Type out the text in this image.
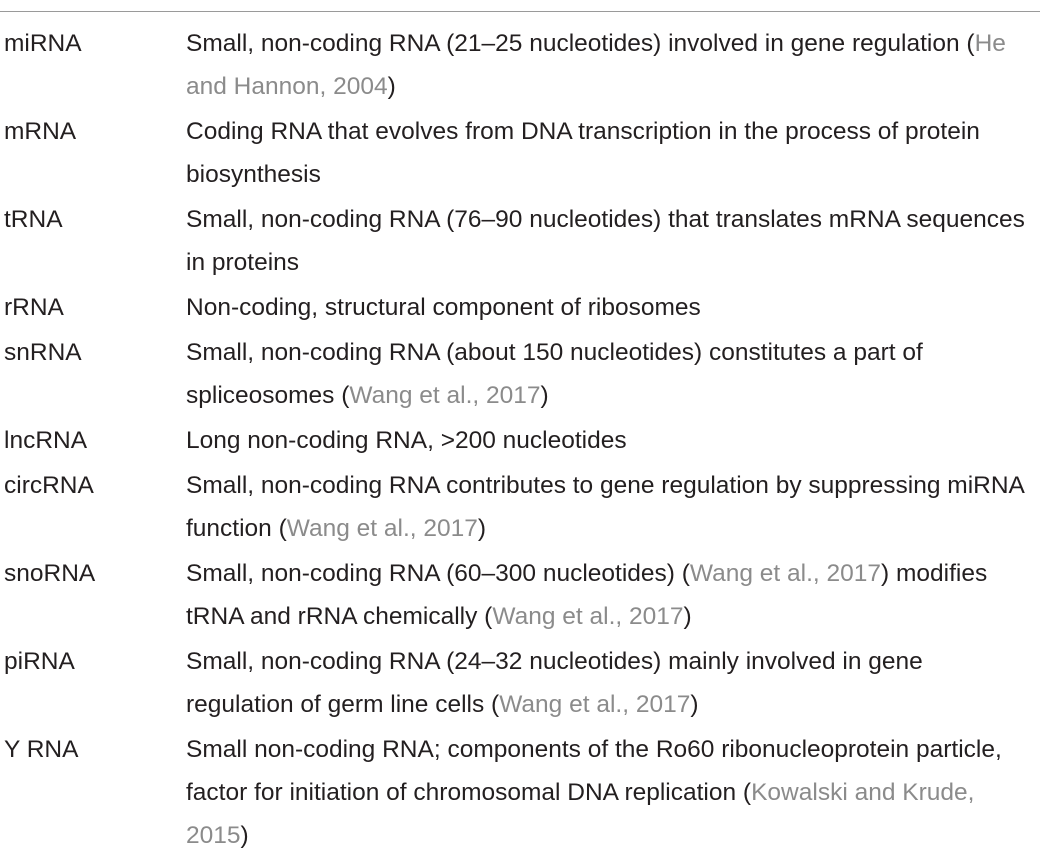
miRNA	Small, non-coding RNA (21–25 nucleotides) involved in gene regulation (He and Hannon, 2004)
mRNA	Coding RNA that evolves from DNA transcription in the process of protein biosynthesis
tRNA	Small, non-coding RNA (76–90 nucleotides) that translates mRNA sequences in proteins
rRNA	Non-coding, structural component of ribosomes
snRNA	Small, non-coding RNA (about 150 nucleotides) constitutes a part of spliceosomes (Wang et al., 2017)
lncRNA	Long non-coding RNA, >200 nucleotides
circRNA	Small, non-coding RNA contributes to gene regulation by suppressing miRNA function (Wang et al., 2017)
snoRNA	Small, non-coding RNA (60–300 nucleotides) (Wang et al., 2017) modifies tRNA and rRNA chemically (Wang et al., 2017)
piRNA	Small, non-coding RNA (24–32 nucleotides) mainly involved in gene regulation of germ line cells (Wang et al., 2017)
Y RNA	Small non-coding RNA; components of the Ro60 ribonucleoprotein particle, factor for initiation of chromosomal DNA replication (Kowalski and Krude, 2015)
